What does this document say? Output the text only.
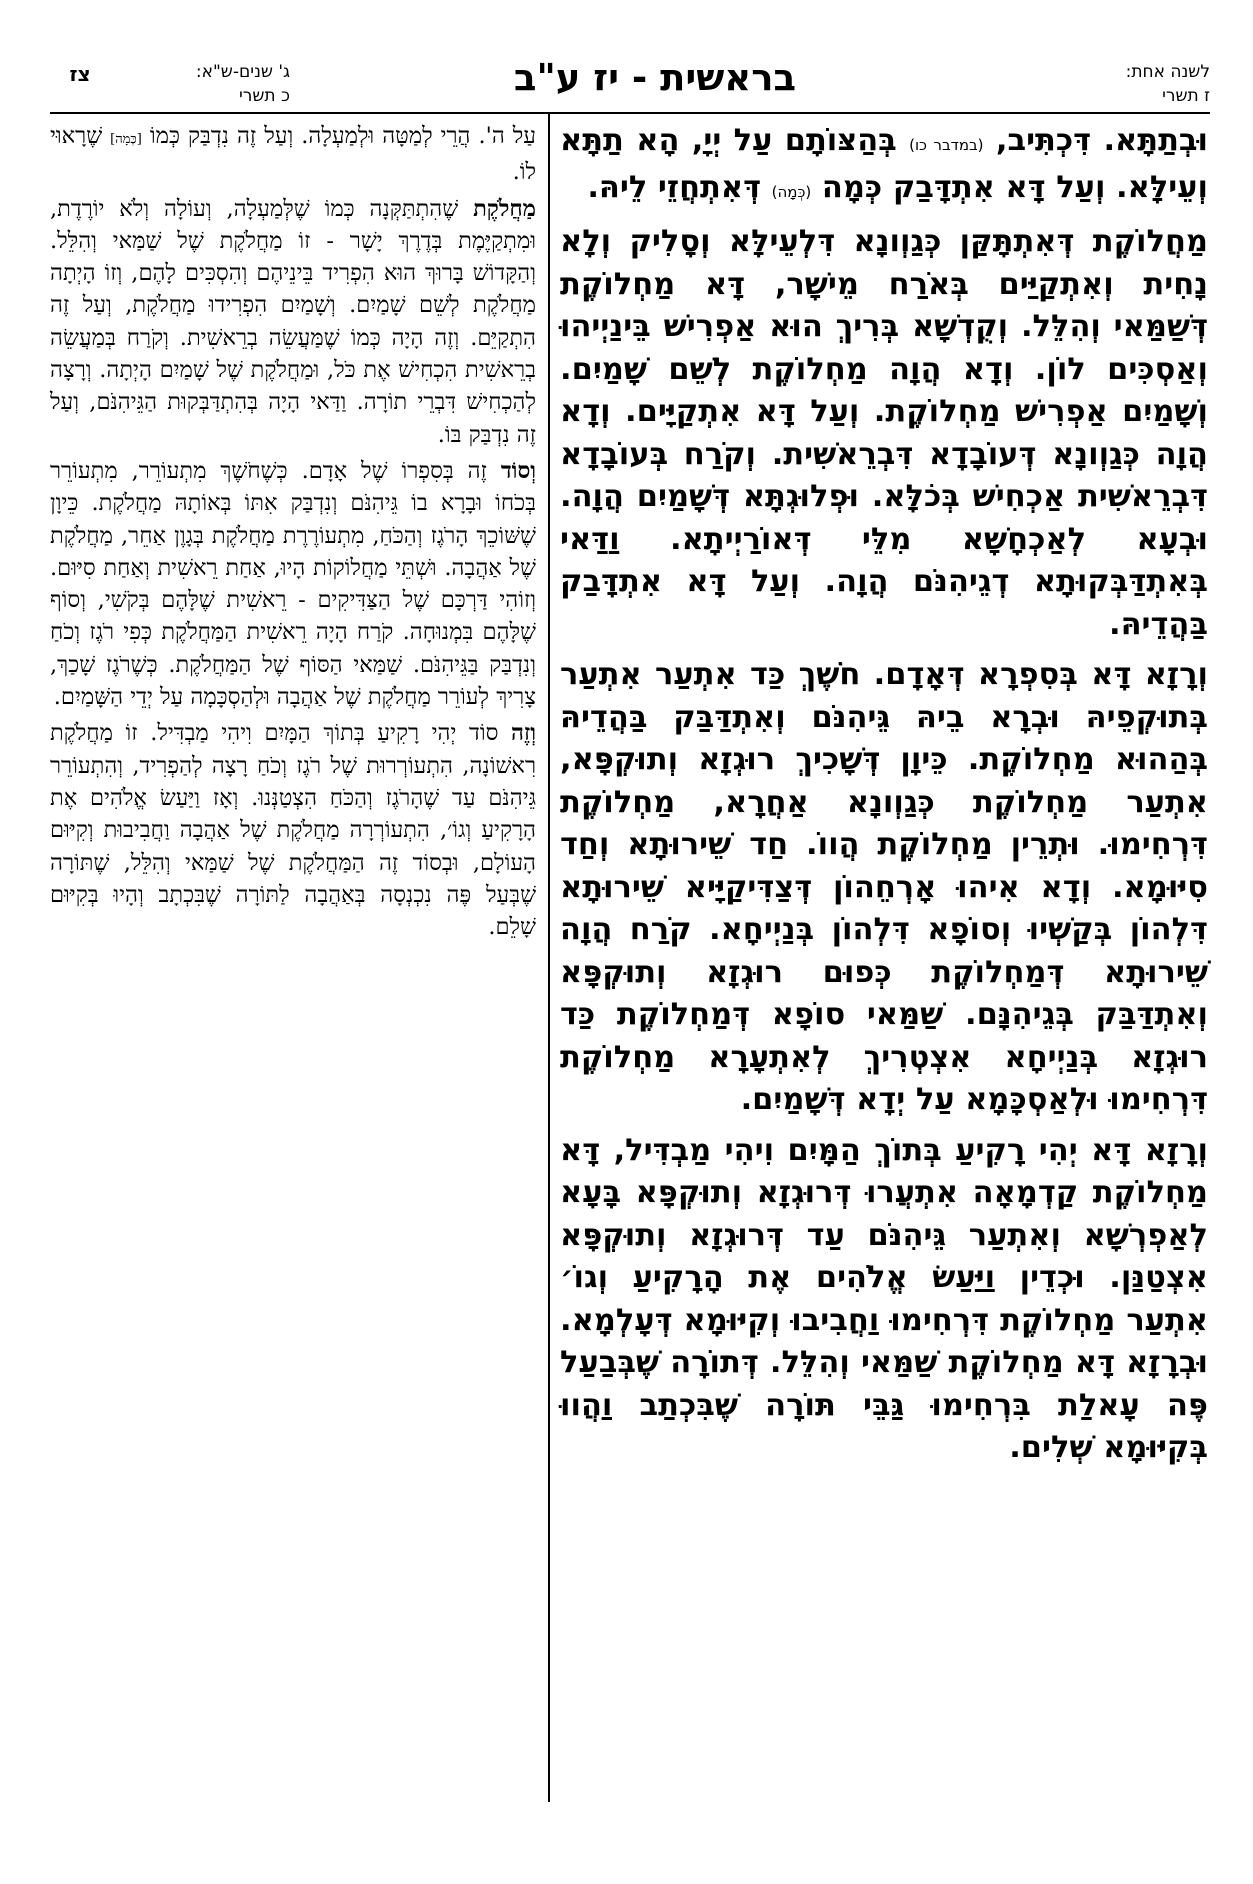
לשנה אחת:
ז תשרי
בראשית - יז ע"ב
ג' שנים-ש"א:
כ תשרי
צז

וּבְתַתָּא. דִּכְתִּיב, (במדבר כו) בְּהַצּוֹתָם עַל יְיָ, הָא תַתָּא וְעֵילָּא. וְעַל דָּא אִתְדָּבַק כְּמָה (כְּמָה) דְּאִתְחֲזֵי לֵיהּ.

מַחֲלוֹקֶת דְּאִתְתָּקַּן כְּגַוְונָא דִּלְעֵילָּא וְסָלִיק וְלָא נָחִית וְאִתְקַיַּים בְּאֹרַח מֵישָׁר, דָּא מַחְלוֹקֶת דְּשַׁמַּאי וְהִלֵּל. וְקֻדְשָׁא בְּרִיךְ הוּא אַפְרִישׁ בֵּינַיְיהוּ וְאַסְכִּים לוֹן. וְדָא הֲוָה מַחְלוֹקֶת לְשֵׁם שָׁמַיִם. וְשָׁמַיִם אַפְרִישׁ מַחְלוֹקֶת. וְעַל דָּא אִתְקַיָּים. וְדָא הֲוָה כְּגַוְונָא דְּעוֹבָדָא דִּבְרֵאשִׁית. וְקֹרַח בְּעוֹבָדָא דִּבְרֵאשִׁית אַכְחִישׁ בְּכֹלָּא. וּפְלוּגְתָּא דְּשָׁמַיִם הֲוָה. וּבְעָא לְאַכְחָשָׁא מִלֵּי דְּאוֹרַיְיתָא. וַדַּאי בְּאִתְדַּבְּקוּתָא דְגֵיהִנֹּם הֲוָה. וְעַל דָּא אִתְדָּבַק בַּהֲדֵיהּ.

וְרָזָא דָּא בְּסִפְרָא דְּאָדָם. חֹשֶׁךְ כַּד אִתְעַר אִתְעַר בְּתוּקְפֵיהּ וּבְרָא בֵיהּ גֵּיהִנֹּם וְאִתְדַּבַּק בַּהֲדֵיהּ בְּהַהוּא מַחְלוֹקֶת. כֵּיוָן דְּשָׁכִיךְ רוּגְזָא וְתוּקְפָּא, אִתְעַר מַחְלוֹקֶת כְּגַוְונָא אַחֲרָא, מַחְלוֹקֶת דִּרְחִימוּ. וּתְרֵין מַחְלוֹקֶת הֲווֹ. חַד שֵׁירוּתָא וְחַד סִיּוּמָא. וְדָא אִיהוּ אָרְחֵהוֹן דְּצַדִּיקַיָּיא שֵׁירוּתָא דִּלְהוֹן בְּקַשְׁיוּ וְסוֹפָא דִּלְהוֹן בְּנַיְיחָא. קֹרַח הֲוָה שֵׁירוּתָא דְּמַחְלוֹקֶת כְּפוּם רוּגְזָא וְתוּקְפָּא וְאִתְדַּבַּק בְּגֵיהִנָּם. שַׁמַּאי סוֹפָא דְּמַחְלוֹקֶת כַּד רוּגְזָא בְּנַיְיחָא אִצְטְרִיךְ לְאִתְעָרָא מַחְלוֹקֶת דִּרְחִימוּ וּלְאַסְכָּמָא עַל יְדָא דְּשָׁמַיִם.

וְרָזָא דָּא יְהִי רָקִיעַ בְּתוֹךְ הַמָּיִם וִיהִי מַבְדִּיל, דָּא מַחְלוֹקֶת קַדְמָאָה אִתְעֲרוּ דְּרוּגְזָא וְתוּקְפָּא בָּעָא לְאַפְרְשָׁא וְאִתְעַר גֵּיהִנֹּם עַד דְּרוּגְזָא וְתוּקְפָּא אִצְטַנַּן. וּכְדֵין וַיַּעַשׂ אֱלֹהִים אֶת הָרָקִיעַ וְגוֹ׳ אִתְעַר מַחְלוֹקֶת דִּרְחִימוּ וַחֲבִיבוּ וְקִיּוּמָא דְּעָלְמָא. וּבְרָזָא דָּא מַחְלוֹקֶת שַׁמַּאי וְהִלֵּל. דְּתוֹרָה שֶׁבְּבַעַל פֶּה עָאלַת בִּרְחִימוּ גַּבֵּי תּוֹרָה שֶׁבִּכְתַב וַהֲווּ בְּקִיּוּמָא שְׁלִים.

עַל ה'. הֲרֵי לְמַטָּה וּלְמַעְלָה. וְעַל זֶה נִדְבַּק כְּמוֹ [כְּמָה] שֶׁרָאוּי לוֹ.

מַחֲלֹקֶת שֶׁהִתְתַּקְּנָה כְּמוֹ שֶׁלְּמַעְלָה, וְעוֹלָה וְלֹא יוֹרֶדֶת, וּמִתְקַיֶּמֶת בְּדֶרֶךְ יָשָׁר - זוֹ מַחֲלֹקֶת שֶׁל שַׁמַּאי וְהִלֵּל. וְהַקָּדוֹשׁ בָּרוּךְ הוּא הִפְרִיד בֵּינֵיהֶם וְהִסְכִּים לָהֶם, וְזוֹ הָיְתָה מַחֲלֹקֶת לְשֵׁם שָׁמַיִם. וְשָׁמַיִם הִפְרִידוּ מַחֲלֹקֶת, וְעַל זֶה הִתְקַיֵּם. וְזֶה הָיָה כְּמוֹ שֶׁמַּעֲשֵׂה בְרֵאשִׁית. וְקֹרַח בְּמַעֲשֵׂה בְרֵאשִׁית הִכְחִישׁ אֶת כֹּל, וּמַחֲלֹקֶת שֶׁל שָׁמַיִם הָיְתָה. וְרָצָה לְהַכְחִישׁ דִּבְרֵי תוֹרָה. וַדַּאי הָיָה בְּהִתְדַּבְּקוּת הַגֵּיהִנֹּם, וְעַל זֶה נִדְבַּק בּוֹ.

וְסוֹד זֶה בְּסִפְרוֹ שֶׁל אָדָם. כְּשֶׁחֹשֶׁךְ מִתְעוֹרֵר, מִתְעוֹרֵר בְּכֹחוֹ וּבָרָא בוֹ גֵּיהִנֹּם וְנִדְבַּק אִתּוֹ בְּאוֹתָהּ מַחֲלֹקֶת. כֵּיוָן שֶׁשּׁוֹכֵךְ הָרֹגֶז וְהַכֹּחַ, מִתְעוֹרֶרֶת מַחֲלֹקֶת בְּגָוֶן אַחֵר, מַחֲלֹקֶת שֶׁל אַהֲבָה. וּשְׁתֵּי מַחֲלוֹקוֹת הָיוּ, אַחַת רֵאשִׁית וְאַחַת סִיּוּם. וְזוֹהִי דַּרְכָּם שֶׁל הַצַּדִּיקִים - רֵאשִׁית שֶׁלָּהֶם בְּקֹשִׁי, וְסוֹף שֶׁלָּהֶם בִּמְנוּחָה. קֹרַח הָיָה רֵאשִׁית הַמַּחֲלֹקֶת כְּפִי רֹגֶז וְכֹחַ וְנִדְבַּק בַּגֵּיהִנֹּם. שַׁמַּאי הַסּוֹף שֶׁל הַמַּחֲלֹקֶת. כְּשֶׁרֹגֶז שָׁכַךְ, צָרִיךְ לְעוֹרֵר מַחֲלֹקֶת שֶׁל אַהֲבָה וּלְהַסְכָּמָה עַל יְדֵי הַשָּׁמַיִם.

וְזֶה סוֹד יְהִי רָקִיעַ בְּתוֹךְ הַמָּיִם וִיהִי מַבְדִּיל. זוֹ מַחֲלֹקֶת רִאשׁוֹנָה, הִתְעוֹרְרוּת שֶׁל רֹגֶז וְכֹחַ רָצָה לְהַפְרִיד, וְהִתְעוֹרֵר גֵּיהִנֹּם עַד שֶׁהָרֹגֶז וְהַכֹּחַ הִצְטַנְּנוּ. וְאָז וַיַּעַשׂ אֱלֹהִים אֶת הָרָקִיעַ וְגוֹ׳, הִתְעוֹרְרָה מַחֲלֹקֶת שֶׁל אַהֲבָה וַחֲבִיבוּת וְקִיּוּם הָעוֹלָם, וּבְסוֹד זֶה הַמַּחֲלֹקֶת שֶׁל שַׁמַּאי וְהִלֵּל, שֶׁתּוֹרָה שֶׁבְּעַל פֶּה נִכְנְסָה בְּאַהֲבָה לַתּוֹרָה שֶׁבִּכְתָב וְהָיוּ בְּקִיּוּם שָׁלֵם.
